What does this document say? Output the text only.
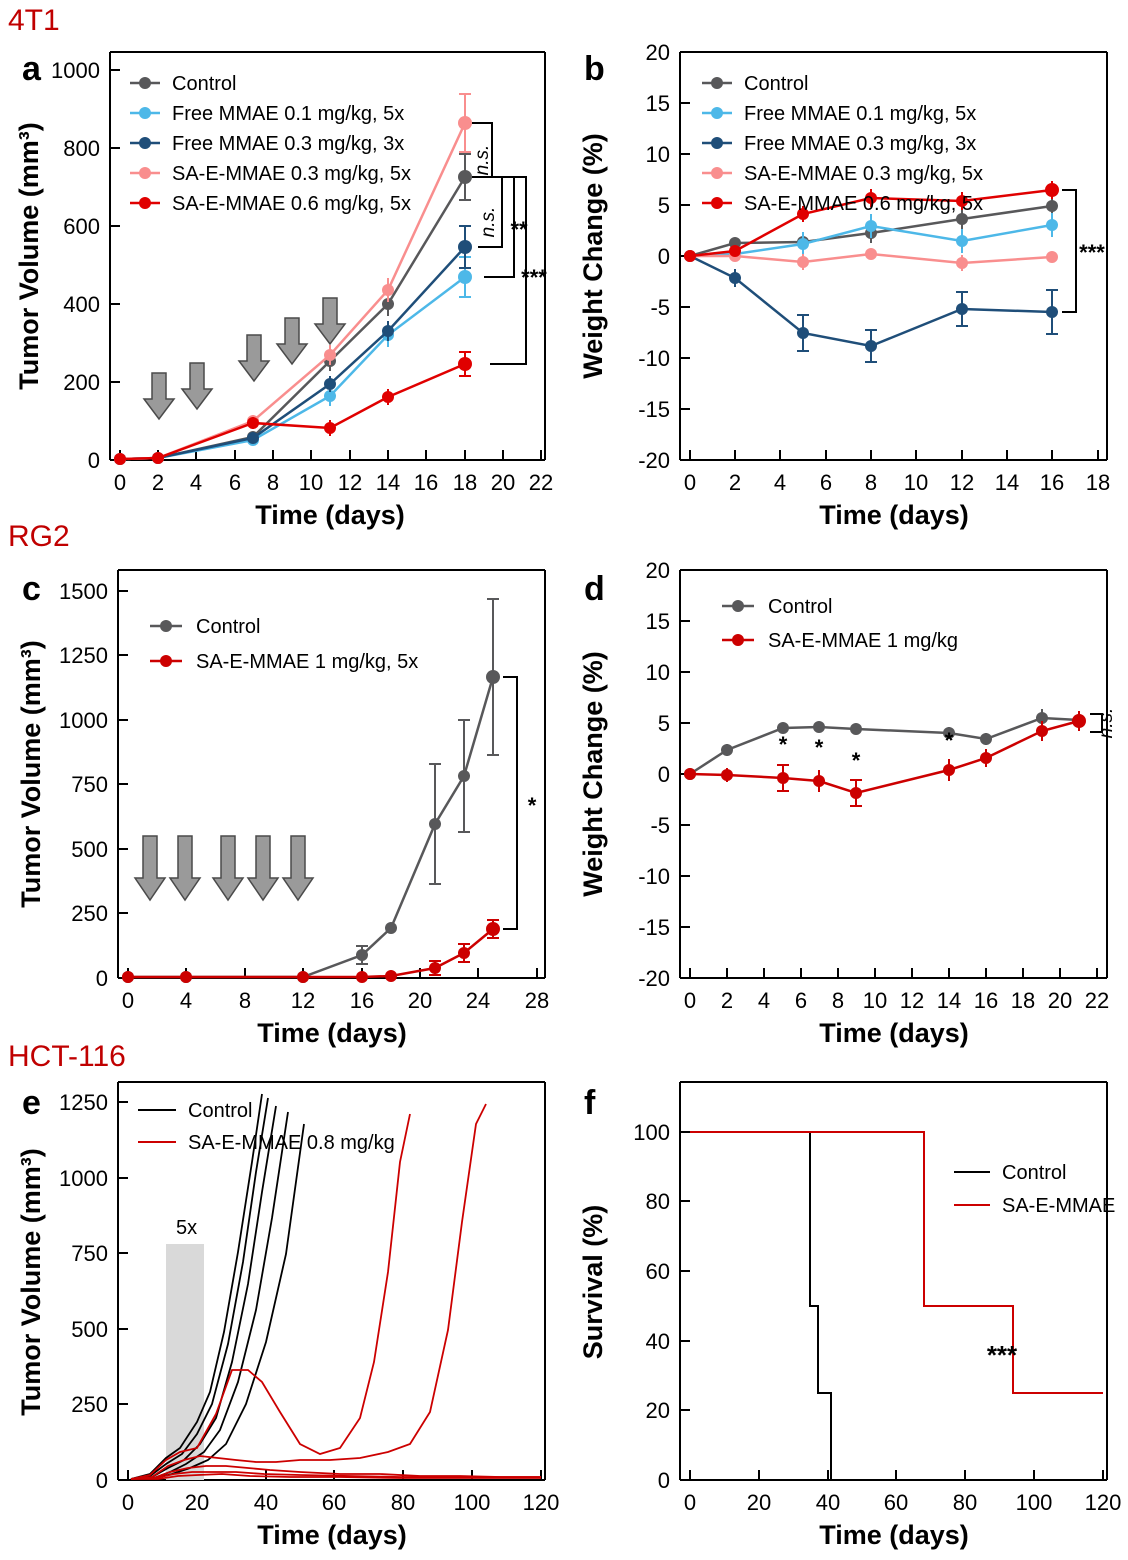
4T1
RG2
HCT-116
a
0
200
400
600
800
1000
0 2 4 6 8 10 12 14 16 18 20 22
Time (days)
Tumor Volume (mm³)	n.s.
n.s. **
***
Control
Free MMAE 0.1 mg/kg, 5x
Free MMAE 0.3 mg/kg, 3x
SA-E-MMAE 0.3 mg/kg, 5x
SA-E-MMAE 0.6 mg/kg, 5x
b
-20
-15
-10
-5
0
5
10
15
20
0 2 4 6 8 10 12 14 16 18
Time (days)
Weight Change (%)	***
Control
Free MMAE 0.1 mg/kg, 5x
Free MMAE 0.3 mg/kg, 3x
SA-E-MMAE 0.3 mg/kg, 5x
SA-E-MMAE 0.6 mg/kg, 5x
c
0
250
500
750
1000
1250
1500
0 4 8 12 16 20 24 28
Time (days)
Tumor Volume (mm³)	*
Control
SA-E-MMAE 1 mg/kg, 5x
d
-20
-15
-10
-5
0
5
10
15
20
0 2 4 6 8 10 12 14 16 18 20 22
Time (days)
Weight Change (%)	n.s.
* *
*
*
Control
SA-E-MMAE 1 mg/kg
e
0
250
500
750
1000
1250
0 20 40 60 80 100 120
Time (days)
Tumor Volume (mm³)	5x
Control
SA-E-MMAE 0.8 mg/kg
f
0
20
40
60
80
100
0 20 40 60 80 100 120
Time (days)
Survival (%)	***
Control
SA-E-MMAE
